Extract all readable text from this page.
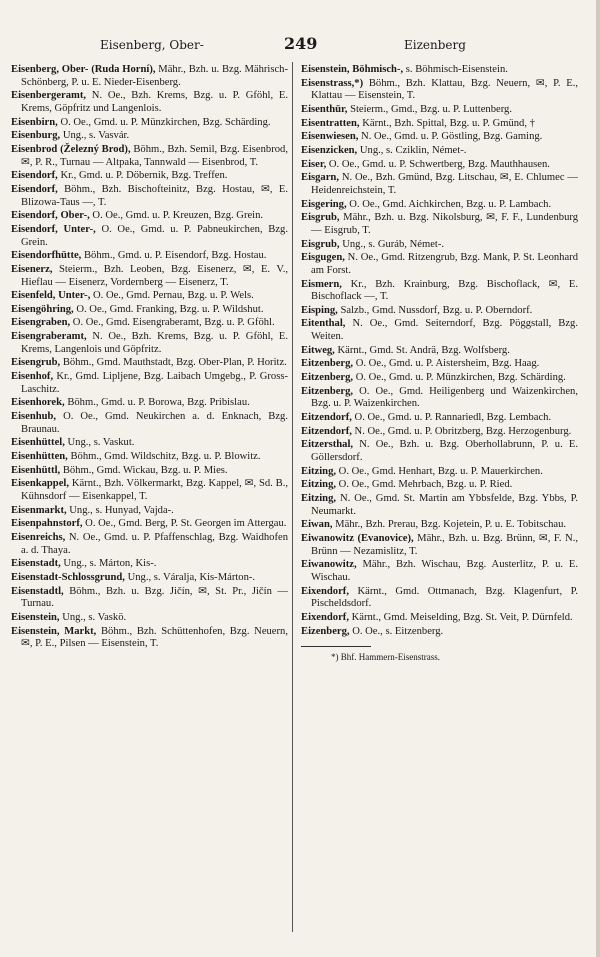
Eisenberg, Ober-	249	Eizenberg
Eisenberg, Ober- (Ruda Horní), Mähr., Bzh. u. Bzg. Mährisch-Schönberg, P. u. E. Nieder-Eisenberg.
Eisenbergeramt, N. Oe., Bzh. Krems, Bzg. u. P. Gföhl, E. Krems, Göpfritz und Langenlois.
Eisenbirn, O. Oe., Gmd. u. P. Münzkirchen, Bzg. Schärding.
Eisenburg, Ung., s. Vasvár.
Eisenbrod (Železný Brod), Böhm., Bzh. Semil, Bzg. Eisenbrod, ✉, P. R., Turnau — Altpaka, Tannwald — Eisenbrod, T.
Eisendorf, Kr., Gmd. u. P. Döbernik, Bzg. Treffen.
Eisendorf, Böhm., Bzh. Bischofteinitz, Bzg. Hostau, ✉, E. Blizowa-Taus —, T.
Eisendorf, Ober-, O. Oe., Gmd. u. P. Kreuzen, Bzg. Grein.
Eisendorf, Unter-, O. Oe., Gmd. u. P. Pabneukirchen, Bzg. Grein.
Eisendorfhütte, Böhm., Gmd. u. P. Eisendorf, Bzg. Hostau.
Eisenerz, Steierm., Bzh. Leoben, Bzg. Eisenerz, ✉, E. V., Hieflau — Eisenerz, Vordernberg — Eisenerz, T.
Eisenfeld, Unter-, O. Oe., Gmd. Pernau, Bzg. u. P. Wels.
Eisengöhring, O. Oe., Gmd. Franking, Bzg. u. P. Wildshut.
Eisengraben, O. Oe., Gmd. Eisengraberamt, Bzg. u. P. Gföhl.
Eisengraberamt, N. Oe., Bzh. Krems, Bzg. u. P. Gföhl, E. Krems, Langenlois und Göpfritz.
Eisengrub, Böhm., Gmd. Mauthstadt, Bzg. Ober-Plan, P. Horitz.
Eisenhof, Kr., Gmd. Lipljene, Bzg. Laibach Umgebg., P. Gross-Laschitz.
Eisenhorek, Böhm., Gmd. u. P. Borowa, Bzg. Pribislau.
Eisenhub, O. Oe., Gmd. Neukirchen a. d. Enknach, Bzg. Braunau.
Eisenhüttel, Ung., s. Vaskut.
Eisenhütten, Böhm., Gmd. Wildschitz, Bzg. u. P. Blowitz.
Eisenhüttl, Böhm., Gmd. Wickau, Bzg. u. P. Mies.
Eisenkappel, Kärnt., Bzh. Völkermarkt, Bzg. Kappel, ✉, Sd. B., Kühnsdorf — Eisenkappel, T.
Eisenmarkt, Ung., s. Hunyad, Vajda-.
Eisenpahnstorf, O. Oe., Gmd. Berg, P. St. Georgen im Attergau.
Eisenreichs, N. Oe., Gmd. u. P. Pfaffenschlag, Bzg. Waidhofen a. d. Thaya.
Eisenstadt, Ung., s. Márton, Kis-.
Eisenstadt-Schlossgrund, Ung., s. Váralja, Kis-Márton-.
Eisenstadtl, Böhm., Bzh. u. Bzg. Jičín, ✉, St. Pr., Jičín — Turnau.
Eisenstein, Ung., s. Vaskö.
Eisenstein, Markt, Böhm., Bzh. Schüttenhofen, Bzg. Neuern, ✉, P. E., Pilsen — Eisenstein, T.
Eisenstein, Böhmisch-, s. Böhmisch-Eisenstein.
Eisenstrass,*) Böhm., Bzh. Klattau, Bzg. Neuern, ✉, P. E., Klattau — Eisenstein, T.
Eisenthür, Steierm., Gmd., Bzg. u. P. Luttenberg.
Eisentratten, Kärnt., Bzh. Spittal, Bzg. u. P. Gmünd, †
Eisenwiesen, N. Oe., Gmd. u. P. Göstling, Bzg. Gaming.
Eisenzicken, Ung., s. Cziklin, Német-.
Eiser, O. Oe., Gmd. u. P. Schwertberg, Bzg. Mauthhausen.
Eisgarn, N. Oe., Bzh. Gmünd, Bzg. Litschau, ✉, E. Chlumec — Heidenreichstein, T.
Eisgering, O. Oe., Gmd. Aichkirchen, Bzg. u. P. Lambach.
Eisgrub, Mähr., Bzh. u. Bzg. Nikolsburg, ✉, F. F., Lundenburg — Eisgrub, T.
Eisgrub, Ung., s. Guráb, Német-.
Eisgugen, N. Oe., Gmd. Ritzengrub, Bzg. Mank, P. St. Leonhard am Forst.
Eismern, Kr., Bzh. Krainburg, Bzg. Bischoflack, ✉, E. Bischoflack —, T.
Eisping, Salzb., Gmd. Nussdorf, Bzg. u. P. Oberndorf.
Eitenthal, N. Oe., Gmd. Seiterndorf, Bzg. Pöggstall, Bzg. Weiten.
Eitweg, Kärnt., Gmd. St. Andrä, Bzg. Wolfsberg.
Eitzenberg, O. Oe., Gmd. u. P. Aistersheim, Bzg. Haag.
Eitzenberg, O. Oe., Gmd. u. P. Münzkirchen, Bzg. Schärding.
Eitzenberg, O. Oe., Gmd. Heiligenberg und Waizenkirchen, Bzg. u. P. Waizenkirchen.
Eitzendorf, O. Oe., Gmd. u. P. Rannariedl, Bzg. Lembach.
Eitzendorf, N. Oe., Gmd. u. P. Obritzberg, Bzg. Herzogenburg.
Eitzersthal, N. Oe., Bzh. u. Bzg. Oberhollabrunn, P. u. E. Göllersdorf.
Eitzing, O. Oe., Gmd. Henhart, Bzg. u. P. Mauerkirchen.
Eitzing, O. Oe., Gmd. Mehrbach, Bzg. u. P. Ried.
Eitzing, N. Oe., Gmd. St. Martin am Ybbsfelde, Bzg. Ybbs, P. Neumarkt.
Eiwan, Mähr., Bzh. Prerau, Bzg. Kojetein, P. u. E. Tobitschau.
Eiwanowitz (Evanovice), Mähr., Bzh. u. Bzg. Brünn, ✉, F. N., Brünn — Nezamislitz, T.
Eiwanowitz, Mähr., Bzh. Wischau, Bzg. Austerlitz, P. u. E. Wischau.
Eixendorf, Kärnt., Gmd. Ottmanach, Bzg. Klagenfurt, P. Pischeldsdorf.
Eixendorf, Kärnt., Gmd. Meiselding, Bzg. St. Veit, P. Dürnfeld.
Eizenberg, O. Oe., s. Eitzenberg.
*) Bhf. Hammern-Eisenstrass.
